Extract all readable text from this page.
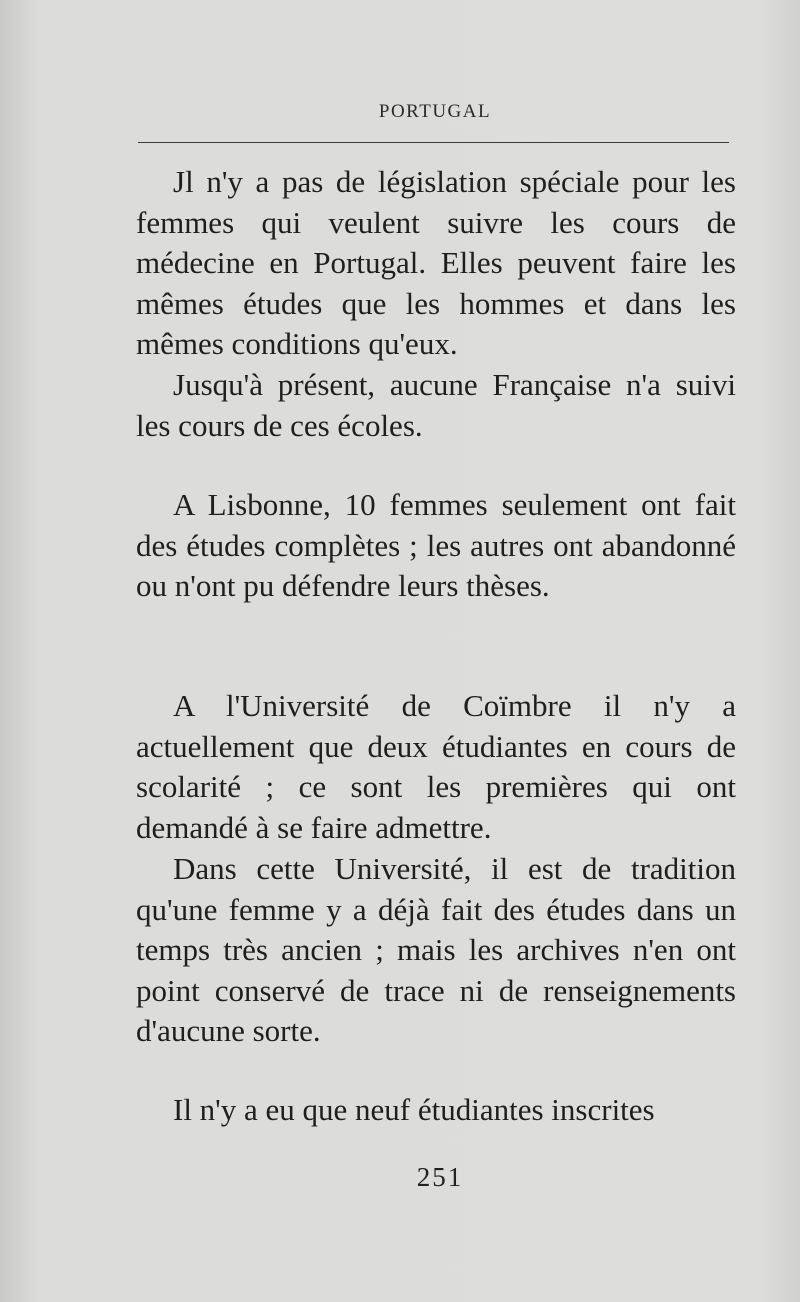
PORTUGAL

Jl n'y a pas de législation spéciale pour les femmes qui veulent suivre les cours de médecine en Portugal. Elles peuvent faire les mêmes études que les hommes et dans les mêmes conditions qu'eux.

Jusqu'à présent, aucune Française n'a suivi les cours de ces écoles.

A Lisbonne, 10 femmes seulement ont fait des études complètes ; les autres ont abandonné ou n'ont pu défendre leurs thèses.

A l'Université de Coïmbre il n'y a actuellement que deux étudiantes en cours de scolarité ; ce sont les premières qui ont demandé à se faire admettre.

Dans cette Université, il est de tradition qu'une femme y a déjà fait des études dans un temps très ancien ; mais les archives n'en ont point conservé de trace ni de renseignements d'aucune sorte.

Il n'y a eu que neuf étudiantes inscrites

251
